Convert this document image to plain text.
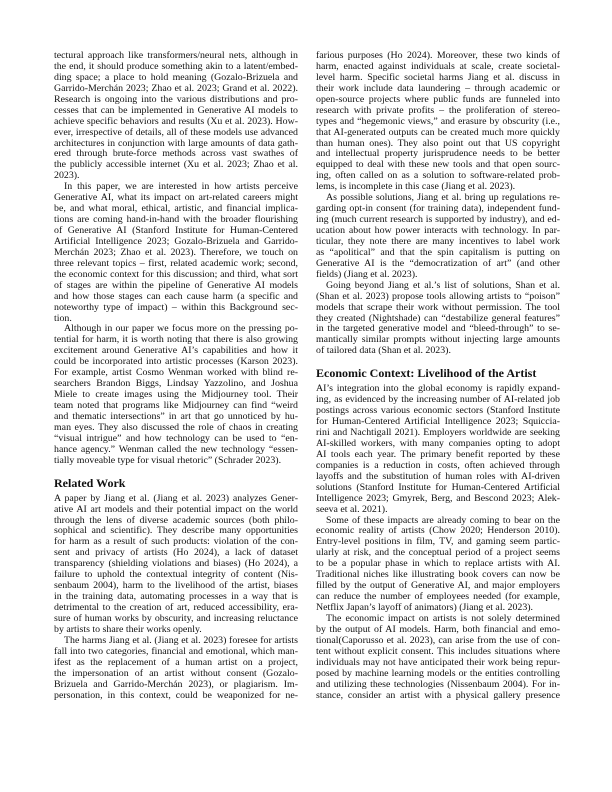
tectural approach like transformers/neural nets, although in
the end, it should produce something akin to a latent/embed-
ding space; a place to hold meaning (Gozalo-Brizuela and
Garrido-Merchán 2023; Zhao et al. 2023; Grand et al. 2022).
Research is ongoing into the various distributions and pro-
cesses that can be implemented in Generative AI models to
achieve specific behaviors and results (Xu et al. 2023). How-
ever, irrespective of details, all of these models use advanced
architectures in conjunction with large amounts of data gath-
ered through brute-force methods across vast swathes of
the publicly accessible internet (Xu et al. 2023; Zhao et al.
2023).
In this paper, we are interested in how artists perceive
Generative AI, what its impact on art-related careers might
be, and what moral, ethical, artistic, and financial implica-
tions are coming hand-in-hand with the broader flourishing
of Generative AI (Stanford Institute for Human-Centered
Artificial Intelligence 2023; Gozalo-Brizuela and Garrido-
Merchán 2023; Zhao et al. 2023). Therefore, we touch on
three relevant topics – first, related academic work; second,
the economic context for this discussion; and third, what sort
of stages are within the pipeline of Generative AI models
and how those stages can each cause harm (a specific and
noteworthy type of impact) – within this Background sec-
tion.
Although in our paper we focus more on the pressing po-
tential for harm, it is worth noting that there is also growing
excitement around Generative AI’s capabilities and how it
could be incorporated into artistic processes (Karson 2023).
For example, artist Cosmo Wenman worked with blind re-
searchers Brandon Biggs, Lindsay Yazzolino, and Joshua
Miele to create images using the Midjourney tool. Their
team noted that programs like Midjourney can find “weird
and thematic intersections” in art that go unnoticed by hu-
man eyes. They also discussed the role of chaos in creating
“visual intrigue” and how technology can be used to “en-
hance agency.” Wenman called the new technology “essen-
tially moveable type for visual rhetoric” (Schrader 2023).
Related Work
A paper by Jiang et al. (Jiang et al. 2023) analyzes Gener-
ative AI art models and their potential impact on the world
through the lens of diverse academic sources (both philo-
sophical and scientific). They describe many opportunities
for harm as a result of such products: violation of the con-
sent and privacy of artists (Ho 2024), a lack of dataset
transparency (shielding violations and biases) (Ho 2024), a
failure to uphold the contextual integrity of content (Nis-
senbaum 2004), harm to the livelihood of the artist, biases
in the training data, automating processes in a way that is
detrimental to the creation of art, reduced accessibility, era-
sure of human works by obscurity, and increasing reluctance
by artists to share their works openly.
The harms Jiang et al. (Jiang et al. 2023) foresee for artists
fall into two categories, financial and emotional, which man-
ifest as the replacement of a human artist on a project,
the impersonation of an artist without consent (Gozalo-
Brizuela and Garrido-Merchán 2023), or plagiarism. Im-
personation, in this context, could be weaponized for ne-
farious purposes (Ho 2024). Moreover, these two kinds of
harm, enacted against individuals at scale, create societal-
level harm. Specific societal harms Jiang et al. discuss in
their work include data laundering – through academic or
open-source projects where public funds are funneled into
research with private profits – the proliferation of stereo-
types and “hegemonic views,” and erasure by obscurity (i.e.,
that AI-generated outputs can be created much more quickly
than human ones). They also point out that US copyright
and intellectual property jurisprudence needs to be better
equipped to deal with these new tools and that open sourc-
ing, often called on as a solution to software-related prob-
lems, is incomplete in this case (Jiang et al. 2023).
As possible solutions, Jiang et al. bring up regulations re-
garding opt-in consent (for training data), independent fund-
ing (much current research is supported by industry), and ed-
ucation about how power interacts with technology. In par-
ticular, they note there are many incentives to label work
as “apolitical” and that the spin capitalism is putting on
Generative AI is the “democratization of art” (and other
fields) (Jiang et al. 2023).
Going beyond Jiang et al.’s list of solutions, Shan et al.
(Shan et al. 2023) propose tools allowing artists to “poison”
models that scrape their work without permission. The tool
they created (Nightshade) can “destabilize general features”
in the targeted generative model and “bleed-through” to se-
mantically similar prompts without injecting large amounts
of tailored data (Shan et al. 2023).
Economic Context: Livelihood of the Artist
AI’s integration into the global economy is rapidly expand-
ing, as evidenced by the increasing number of AI-related job
postings across various economic sectors (Stanford Institute
for Human-Centered Artificial Intelligence 2023; Squiccia-
rini and Nachtigall 2021). Employers worldwide are seeking
AI-skilled workers, with many companies opting to adopt
AI tools each year. The primary benefit reported by these
companies is a reduction in costs, often achieved through
layoffs and the substitution of human roles with AI-driven
solutions (Stanford Institute for Human-Centered Artificial
Intelligence 2023; Gmyrek, Berg, and Bescond 2023; Alek-
seeva et al. 2021).
Some of these impacts are already coming to bear on the
economic reality of artists (Chow 2020; Henderson 2010).
Entry-level positions in film, TV, and gaming seem partic-
ularly at risk, and the conceptual period of a project seems
to be a popular phase in which to replace artists with AI.
Traditional niches like illustrating book covers can now be
filled by the output of Generative AI, and major employers
can reduce the number of employees needed (for example,
Netflix Japan’s layoff of animators) (Jiang et al. 2023).
The economic impact on artists is not solely determined
by the output of AI models. Harm, both financial and emo-
tional(Caporusso et al. 2023), can arise from the use of con-
tent without explicit consent. This includes situations where
individuals may not have anticipated their work being repur-
posed by machine learning models or the entities controlling
and utilizing these technologies (Nissenbaum 2004). For in-
stance, consider an artist with a physical gallery presence
